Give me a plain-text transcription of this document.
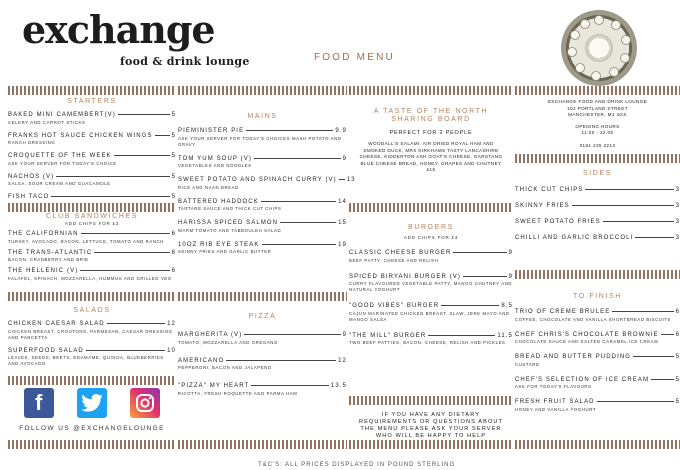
exchange
food & drink lounge	FOOD MENU
STARTERS
BAKED MINI CAMEMBERT(V)	5
CELERY AND CARROT STICKS
FRANKS HOT SAUCE CHICKEN WINGS	5
RANCH DRESSING
CROQUETTE OF THE WEEK	5
ASK YOUR SERVER FOR TODAY'S CHOICE
NACHOS (V)	5
SALSA, SOUR CREAM AND GUACAMOLE
FISH TACO	5
CLUB SANDWICHES
ADD CHIPS FOR £3
THE CALIFORNIAN	6
TURKEY, AVOCADO, BACON, LETTUCE, TOMATO AND RANCH
THE TRANS-ATLANTIC	6
BACON, CRANBERRY AND BRIE
THE HELLENIC (V)	6
FALAFEL, SPINACH, MOZZARELLA, HUMMUS AND GRILLED VEG
SALADS
CHICKEN CAESAR SALAD	12
CHICKEN BREAST, CROUTONS, PARMESAN, CAESAR DRESSING AND PANCETTA
SUPERFOOD SALAD	10
LEAVES, SEEDS, BEETS, EDAMAME, QUINOA, BLUEBERRIES AND AVOCADO
f
FOLLOW US @EXCHANGELOUNGE
MAINS
PIEMINISTER PIE	9.9
ASK YOUR SERVER FOR TODAY'S CHOICES MASH POTATO AND GRAVY
TOM YUM SOUP (V)	9
VEGETABLES AND NOODLES
SWEET POTATO AND SPINACH CURRY (V) 13
RICE AND NAAN BREAD
BATTERED HADDOCK	14
TARTARE SAUCE AND THICK CUT CHIPS
HARISSA SPICED SALMON	15
WARM TOMATO AND TABBOULEH SALAD
10OZ RIB EYE STEAK	19
SKINNY FRIES AND GARLIC BUTTER
PIZZA
MARGHERITA (V)	9
TOMATO, MOZZARELLA AND OREGANO
AMERICANO	12
PEPPERONI, BACON AND JALAPENO
"PIZZA" MY HEART	13.5
RICOTTA, FRESH ROQUETTE AND PARMA HAM
A TASTE OF THE NORTH SHARING BOARD
PERFECT FOR 2 PEOPLE
WOODALL'S SALAMI, AIR DRIED ROYAL HAM AND SMOKED DUCK, MRS KIRKHAMS TASTY LANCASHIRE CHEESE, KIDDERTON ASH GOAT'S CHEESE, GARSTANG BLUE CHEESE BREAD, HONEY, GRAPES AND CHUTNEY
£15
BURGERS
ADD CHIPS FOR £3
CLASSIC CHEESE BURGER	9
BEEF PATTY, CHEESE AND RELISH
SPICED BIRYANI BURGER (V)	9
CURRY FLAVOURED VEGETABLE PATTY, MANGO CHUTNEY AND NATURAL YOGHURT
"GOOD VIBES" BURGER	8.5
CAJUN MARINATED CHICKEN BREAST, SLAW, JERK MAYO AND MANGO SALSA
"THE MILL" BURGER	11.5
TWO BEEF PATTIES, BACON, CHEESE, RELISH AND PICKLES
IF YOU HAVE ANY DIETARY REQUIREMENTS OR QUESTIONS ABOUT THE MENU PLEASE ASK YOUR SERVER WHO WILL BE HAPPY TO HELP
EXCHANGE FOOD AND DRINK LOUNGE
102 PORTLAND STREET
MANCHESTER, M1 4GX
OPENING HOURS
11:00 - 22:00
0161 235 2212
SIDES
THICK CUT CHIPS	3
SKINNY FRIES	3
SWEET POTATO FRIES	3
CHILLI AND GARLIC BROCCOLI	3
TO FINISH
TRIO OF CREME BRULEE	6
COFFEE, CHOCOLATE AND VANILLA SHORTBREAD BISCUITS
CHEF CHRIS'S CHOCOLATE BROWNIE	6
CHOCOLATE SAUCE AND SALTED CARAMEL ICE CREAM
BREAD AND BUTTER PUDDING	5
CUSTARD
CHEF'S SELECTION OF ICE CREAM	5
ASK FOR TODAY'S FLAVOURS
FRESH FRUIT SALAD	5
HONEY AND VANILLA YOGHURT
T&C'S: ALL PRICES DISPLAYED IN POUND STERLING
